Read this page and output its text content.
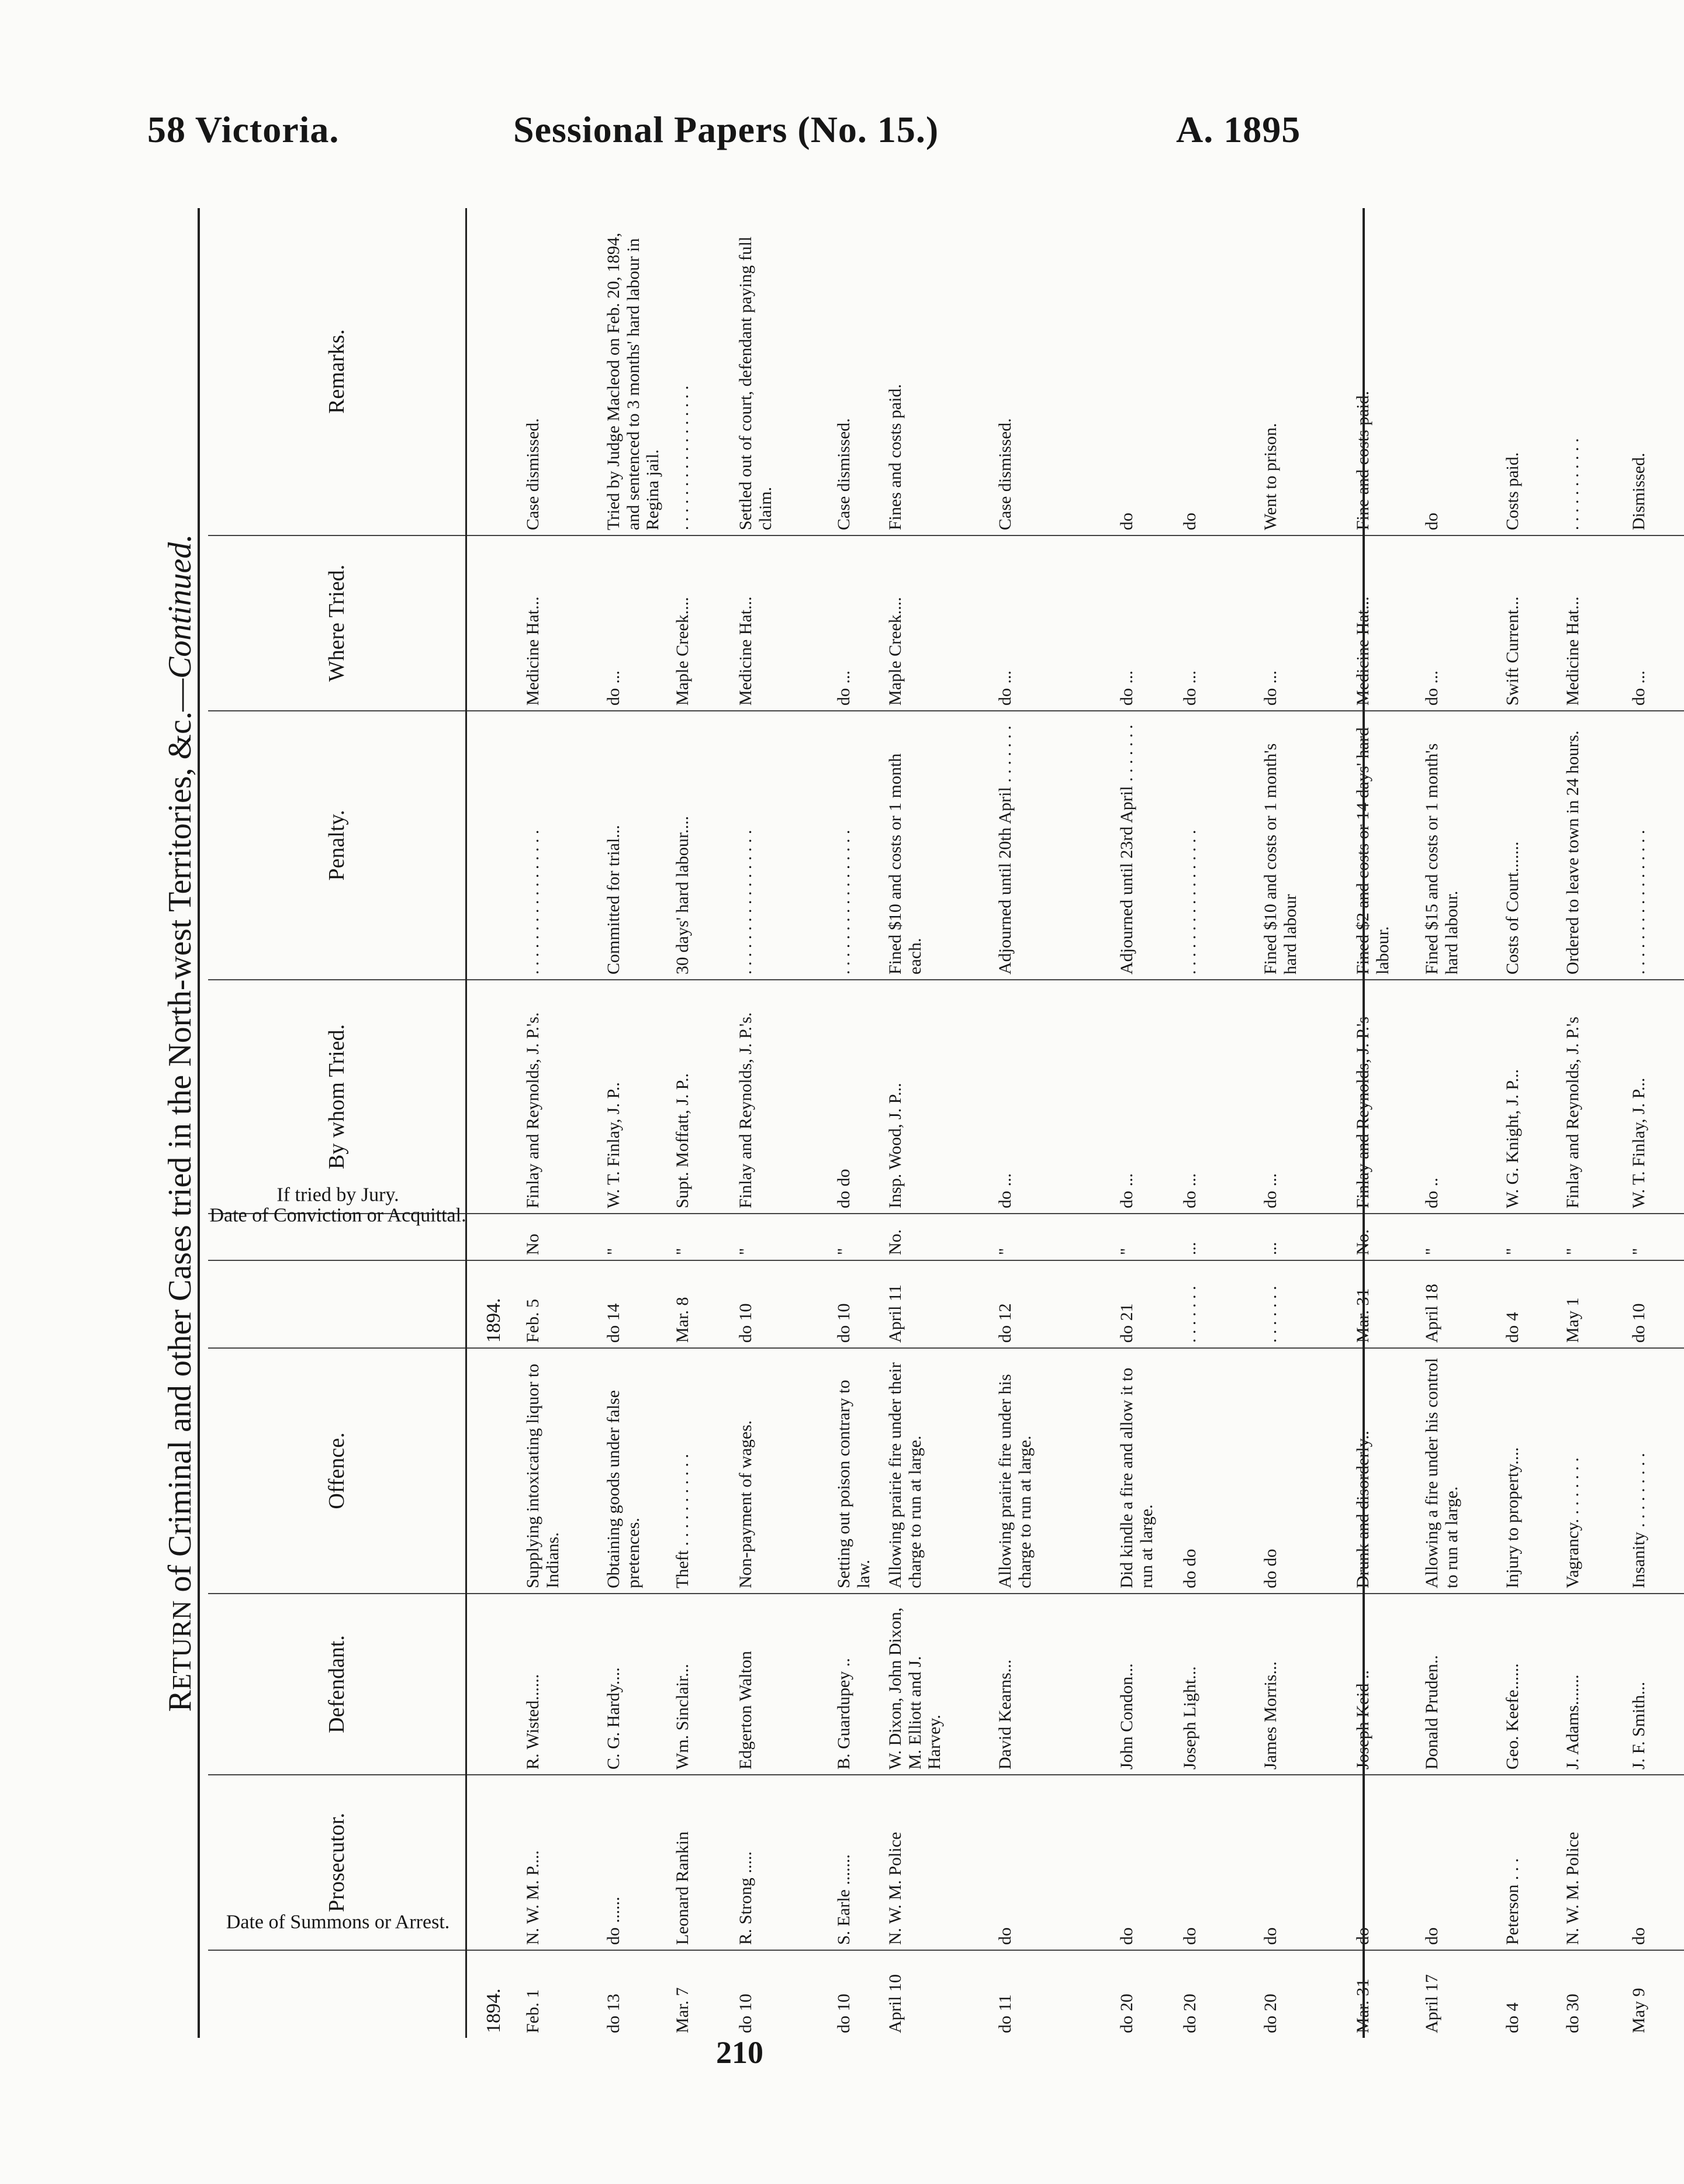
58 Victoria.	Sessional Papers (No. 15.)	A. 1895
RETURN of Criminal and other Cases tried in the North-west Territories, &c.—Continued.
Date of Summons or Arrest.	Prosecutor.	Defendant.	Offence.	Date of Conviction or Acquittal.	If tried by Jury.	By whom Tried.	Penalty.	Where Tried.	Remarks.
1894.				1894.					
Feb. 1	N. W. M. P....	R. Wisted......	Supplying intoxicating liquor to Indians.	Feb. 5	No	Finlay and Reynolds, J. P.'s.	. . . . . . . . . . . . . . . . .	Medicine Hat...	Case dismissed.
do 13	do ......	C. G. Hardy....	Obtaining goods under false pretences.	do 14	"	W. T. Finlay, J. P..	Committed for trial...	do ...	Tried by Judge Macleod on Feb. 20, 1894, and sentenced to 3 months' hard labour in Regina jail.
Mar. 7	Leonard Rankin	Wm. Sinclair...	Theft . . . . . . . . . . .	Mar. 8	"	Supt. Moffatt, J. P..	30 days' hard labour....	Maple Creek....	. . . . . . . . . . . . . . . . .
do 10	R. Strong .....	Edgerton Walton	Non-payment of wages.	do 10	"	Finlay and Reynolds, J. P.'s.	. . . . . . . . . . . . . . . . .	Medicine Hat...	Settled out of court, defendant paying full claim.
do 10	S. Earle .......	B. Guardupey ..	Setting out poison contrary to law.	do 10	"	do do	. . . . . . . . . . . . . . . . .	do ...	Case dismissed.
April 10	N. W. M. Police	W. Dixon, John Dixon, M. Elliott and J. Harvey.	Allowing prairie fire under their charge to run at large.	April 11	No.	Insp. Wood, J. P...	Fined $10 and costs or 1 month each.	Maple Creek....	Fines and costs paid.
do 11	do	David Kearns...	Allowing prairie fire under his charge to run at large.	do 12	"	do ...	Adjourned until 20th April . . . . . . .	do ...	Case dismissed.
do 20	do	John Condon...	Did kindle a fire and allow it to run at large.	do 21	"	do ...	Adjourned until 23rd April . . . . . . .	do ...	do
do 20	do	Joseph Light...	do do	. . . . . . .	...	do ...	. . . . . . . . . . . . . . . . .	do ...	do
do 20	do	James Morris...	do do	. . . . . . .	...	do ...	Fined $10 and costs or 1 month's hard labour	do ...	Went to prison.
Mar. 31	do	Joseph Keid ..	Drunk and disorderly..	Mar. 31	No.	Finlay and Reynolds, J. P.'s	Fined $2 and costs or 14 days' hard labour.	Medicine Hat...	Fine and costs paid.
April 17	do	Donald Pruden..	Allowing a fire under his control to run at large.	April 18	"	do ..	Fined $15 and costs or 1 month's hard labour.	do ...	do
do 4	Peterson . . .	Geo. Keefe......	Injury to property....	do 4	"	W. G. Knight, J. P...	Costs of Court.......	Swift Current...	Costs paid.
do 30	N. W. M. Police	J. Adams.......	Vagrancy. . . . . . . .	May 1	"	Finlay and Reynolds, J. P.'s	Ordered to leave town in 24 hours.	Medicine Hat...	. . . . . . . . . . .
May 9	do	J. F. Smith...	Insanity . . . . . . . . .	do 10	"	W. T. Finlay, J. P...	. . . . . . . . . . . . . . . . .	do ...	Dismissed.
210
